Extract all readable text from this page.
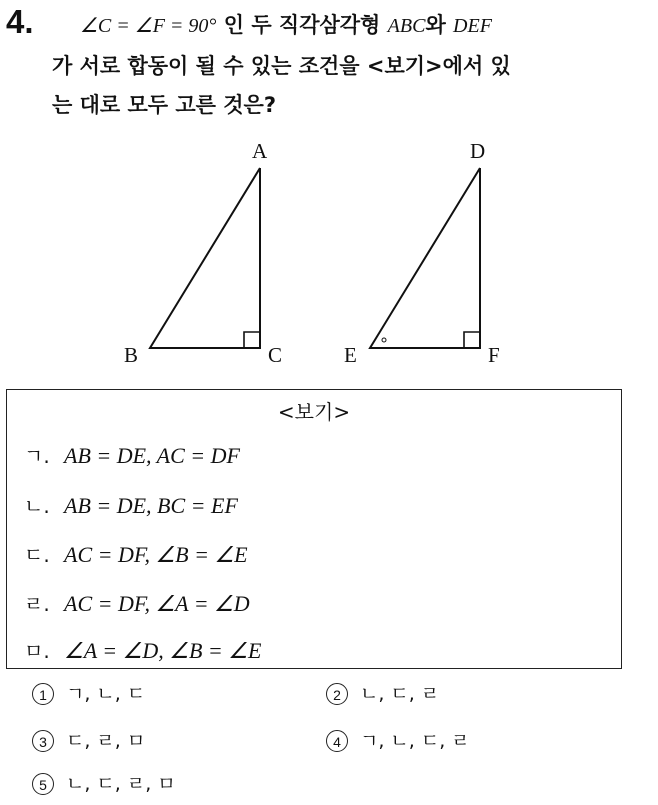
4. ∠C = ∠F = 90° 인 두 직각삼각형 ABC와 DEF
가 서로 합동이 될 수 있는 조건을 <보기>에서 있
는 대로 모두 고른 것은?
A
B	C
D
E	F
<보기>
ㄱ. AB = DE, AC = DF
ㄴ. AB = DE, BC = EF
ㄷ. AC = DF, ∠B = ∠E
ㄹ. AC = DF, ∠A = ∠D
ㅁ. ∠A = ∠D, ∠B = ∠E
1	ㄱ, ㄴ, ㄷ	2	ㄴ, ㄷ, ㄹ
3	ㄷ, ㄹ, ㅁ	4	ㄱ, ㄴ, ㄷ, ㄹ
5	ㄴ, ㄷ, ㄹ, ㅁ
